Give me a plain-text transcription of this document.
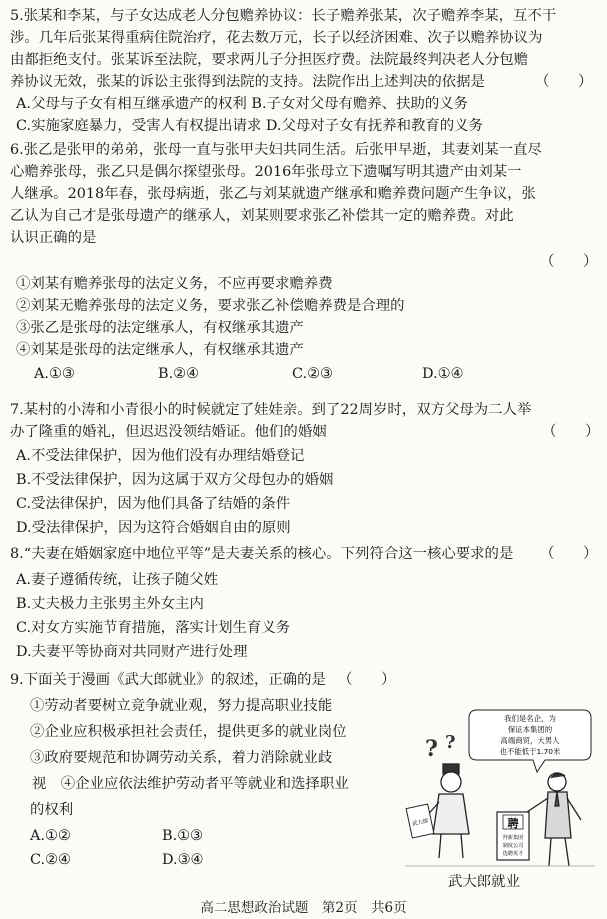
5.张某和李某，与子女达成老人分包赡养协议：长子赡养张某，次子赡养李某，互不干
涉。几年后张某得重病住院治疗，花去数万元，长子以经济困难、次子以赡养协议为
由都拒绝支付。张某诉至法院，要求两儿子分担医疗费。法院最终判决老人分包赡
养协议无效，张某的诉讼主张得到法院的支持。法院作出上述判决的依据是	（　　）
A.父母与子女有相互继承遗产的权利 B.子女对父母有赡养、扶助的义务
C.实施家庭暴力，受害人有权提出请求 D.父母对子女有抚养和教育的义务
6.张乙是张甲的弟弟，张母一直与张甲夫妇共同生活。后张甲早逝，其妻刘某一直尽
心赡养张母，张乙只是偶尔探望张母。2016年张母立下遗嘱写明其遗产由刘某一
人继承。2018年春，张母病逝，张乙与刘某就遗产继承和赡养费问题产生争议，张
乙认为自己才是张母遗产的继承人，刘某则要求张乙补偿其一定的赡养费。对此
认识正确的是
（　　）
①刘某有赡养张母的法定义务，不应再要求赡养费
②刘某无赡养张母的法定义务，要求张乙补偿赡养费是合理的
③张乙是张母的法定继承人，有权继承其遗产
④刘某是张母的法定继承人，有权继承其遗产
A.①③	B.②④	C.②③	D.①④
7.某村的小涛和小青很小的时候就定了娃娃亲。到了22周岁时，双方父母为二人举
办了隆重的婚礼，但迟迟没领结婚证。他们的婚姻	（　　）
A.不受法律保护，因为他们没有办理结婚登记
B.不受法律保护，因为这属于双方父母包办的婚姻
C.受法律保护，因为他们具备了结婚的条件
D.受法律保护，因为这符合婚姻自由的原则
8.“夫妻在婚姻家庭中地位平等”是夫妻关系的核心。下列符合这一核心要求的是 （　　）
A.妻子遵循传统，让孩子随父姓
B.丈夫极力主张男主外女主内
C.对女方实施节育措施，落实计划生育义务
D.夫妻平等协商对共同财产进行处理
9.下面关于漫画《武大郎就业》的叙述，正确的是 （　　）
①劳动者要树立竞争就业观，努力提高职业技能
②企业应积极承担社会责任，提供更多的就业岗位
③政府要规范和协调劳动关系，着力消除就业歧
视　④企业应依法维护劳动者平等就业和选择职业
的权利
A.①②	B.①③
C.②④	D.③④
我们是名企，为
保证本集团的
高端商贸，大男人
也不能低于1.70米
? ?
武大郎	聘
拜新集团
制度公司
选聘英才
武大郎就业
高二思想政治试题　第2页　共6页
